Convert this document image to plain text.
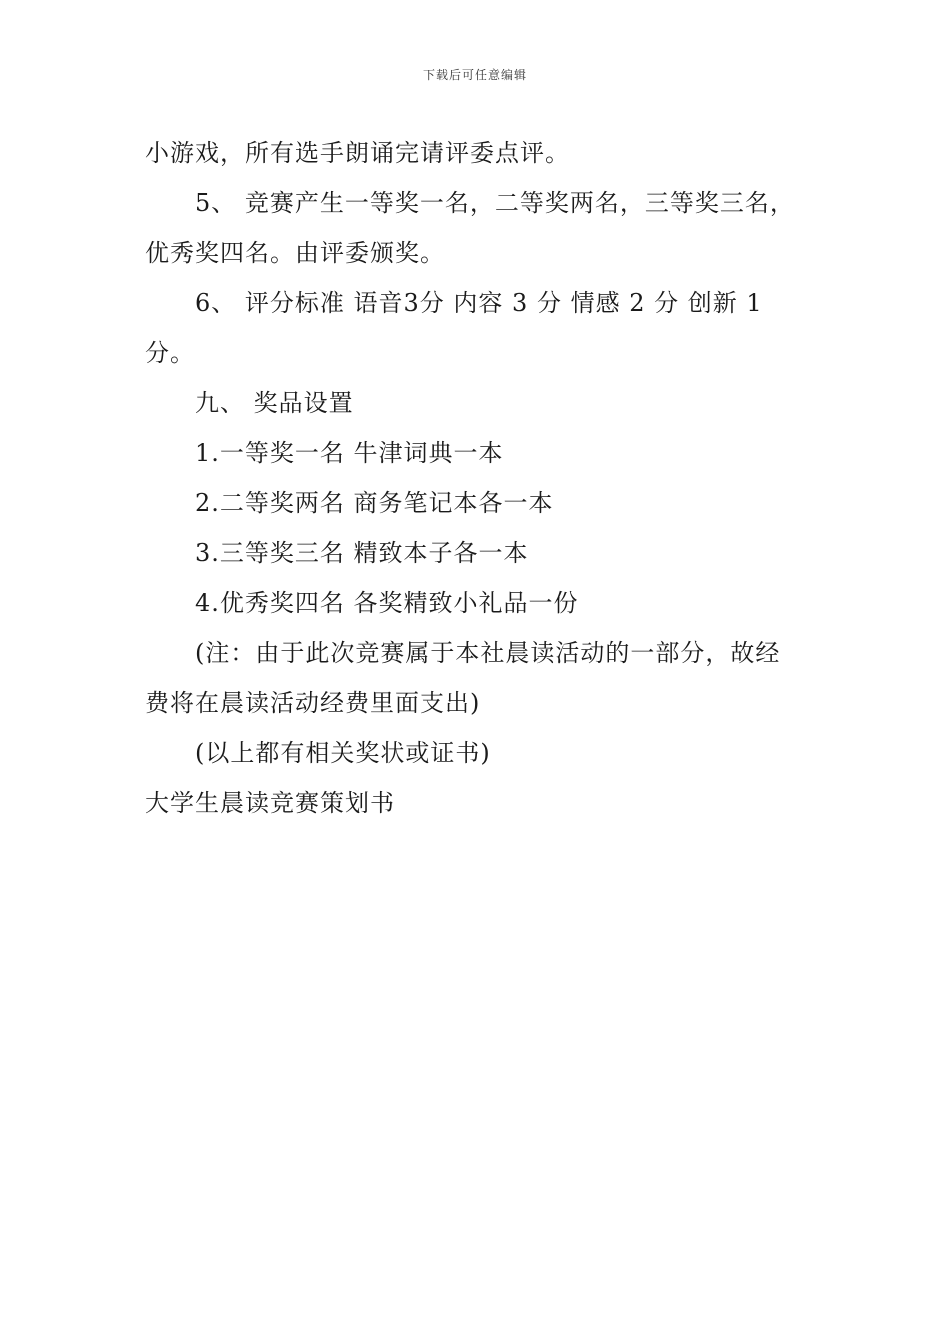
下载后可任意编辑
小游戏，所有选手朗诵完请评委点评。
5、 竞赛产生一等奖一名，二等奖两名，三等奖三名，
优秀奖四名。由评委颁奖。
6、 评分标准 语音3分 内容 3 分 情感 2 分 创新 1
分。
九、 奖品设置
1.一等奖一名 牛津词典一本
2.二等奖两名 商务笔记本各一本
3.三等奖三名 精致本子各一本
4.优秀奖四名 各奖精致小礼品一份
(注：由于此次竞赛属于本社晨读活动的一部分，故经
费将在晨读活动经费里面支出)
(以上都有相关奖状或证书)
大学生晨读竞赛策划书
